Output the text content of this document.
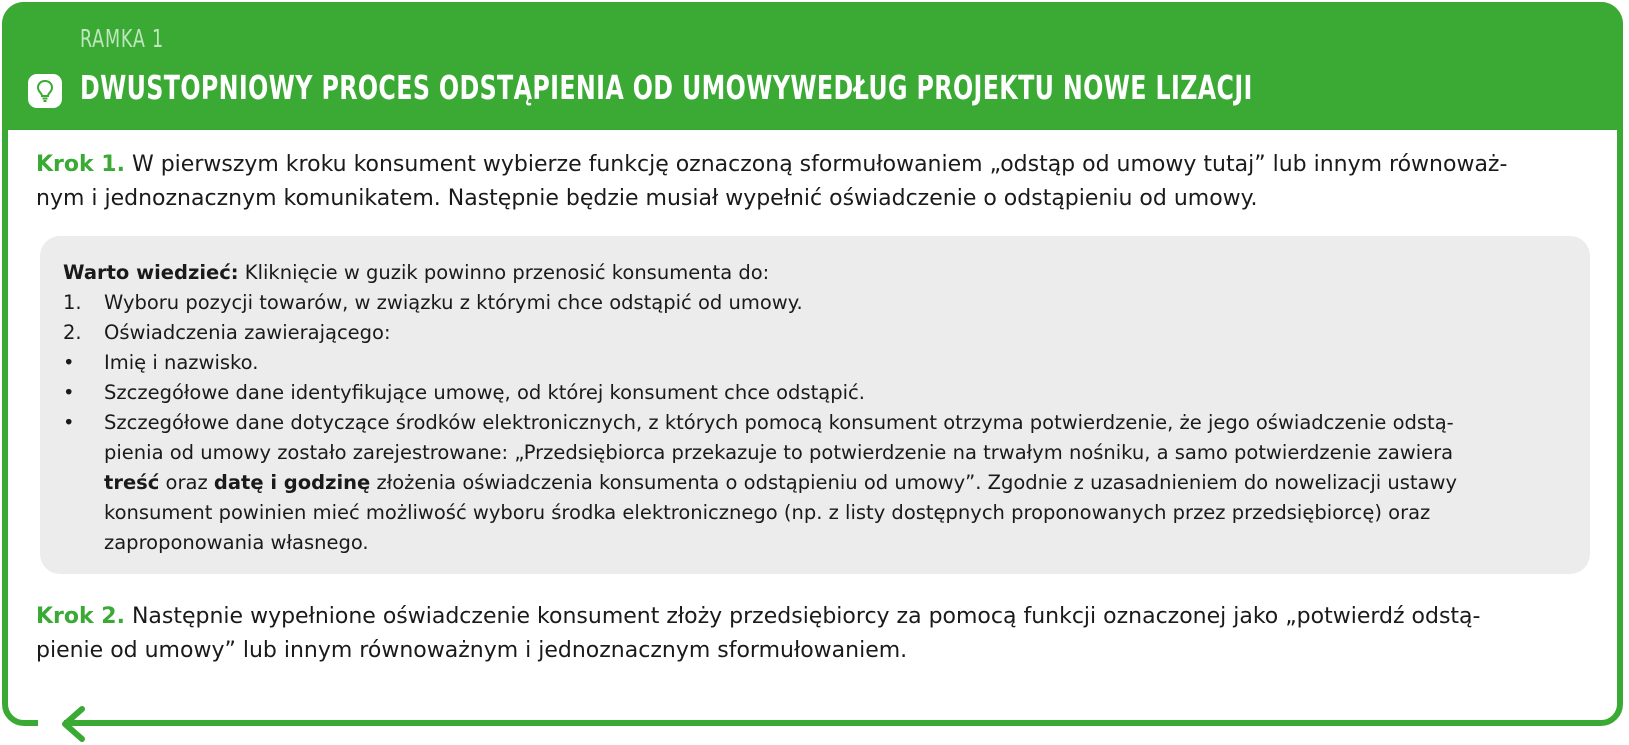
RAMKA 1
DWUSTOPNIOWY PROCES ODSTĄPIENIA OD UMOWYWEDŁUG PROJEKTU NOWE LIZACJI
Krok 1. W pierwszym kroku konsument wybierze funkcję oznaczoną sformułowaniem „odstąp od umowy tutaj” lub innym równoważ-
nym i jednoznacznym komunikatem. Następnie będzie musiał wypełnić oświadczenie o odstąpieniu od umowy.
Warto wiedzieć: Kliknięcie w guzik powinno przenosić konsumenta do:
1. Wyboru pozycji towarów, w związku z którymi chce odstąpić od umowy.
2. Oświadczenia zawierającego:
• Imię i nazwisko.
• Szczegółowe dane identyfikujące umowę, od której konsument chce odstąpić.
• Szczegółowe dane dotyczące środków elektronicznych, z których pomocą konsument otrzyma potwierdzenie, że jego oświadczenie odstą-
pienia od umowy zostało zarejestrowane: „Przedsiębiorca przekazuje to potwierdzenie na trwałym nośniku, a samo potwierdzenie zawiera
treść oraz datę i godzinę złożenia oświadczenia konsumenta o odstąpieniu od umowy”. Zgodnie z uzasadnieniem do nowelizacji ustawy
konsument powinien mieć możliwość wyboru środka elektronicznego (np. z listy dostępnych proponowanych przez przedsiębiorcę) oraz
zaproponowania własnego.
Krok 2. Następnie wypełnione oświadczenie konsument złoży przedsiębiorcy za pomocą funkcji oznaczonej jako „potwierdź odstą-
pienie od umowy” lub innym równoważnym i jednoznacznym sformułowaniem.
